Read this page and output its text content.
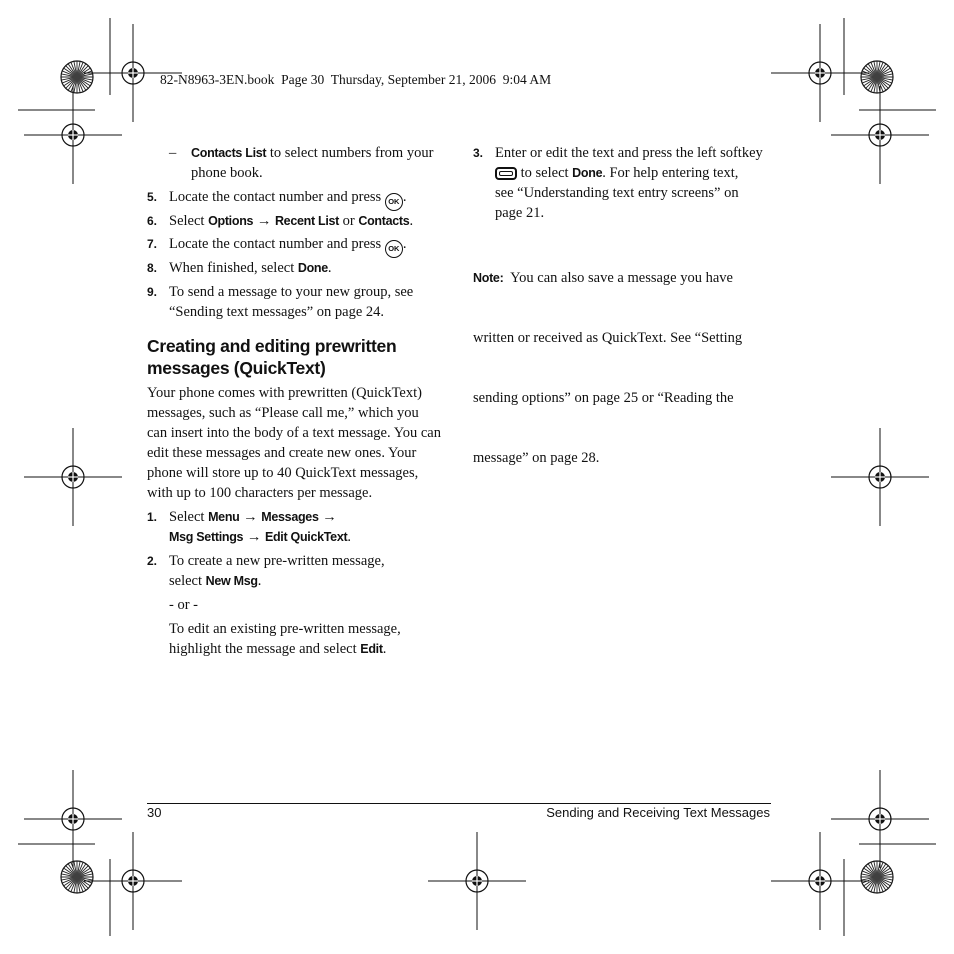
82-N8963-3EN.book  Page 30  Thursday, September 21, 2006  9:04 AM
– Contacts List to select numbers from your
phone book.
5. Locate the contact number and press OK .
6. Select Options → Recent List or Contacts.
7. Locate the contact number and press OK .
8. When finished, select Done.
9. To send a message to your new group, see
“Sending text messages” on page 24.
Creating and editing prewritten
messages (QuickText)
Your phone comes with prewritten (QuickText)
messages, such as “Please call me,” which you
can insert into the body of a text message. You can
edit these messages and create new ones. Your
phone will store up to 40 QuickText messages,
with up to 100 characters per message.
1. Select Menu → Messages →
Msg Settings → Edit QuickText.
2. To create a new pre-written message,
select New Msg.
- or -
To edit an existing pre-written message,
highlight the message and select Edit.
3. Enter or edit the text and press the left softkey
to select Done. For help entering text,
see “Understanding text entry screens” on
page 21.

Note:  You can also save a message you have

written or received as QuickText. See “Setting

sending options” on page 25 or “Reading the

message” on page 28.

30	Sending and Receiving Text Messages
